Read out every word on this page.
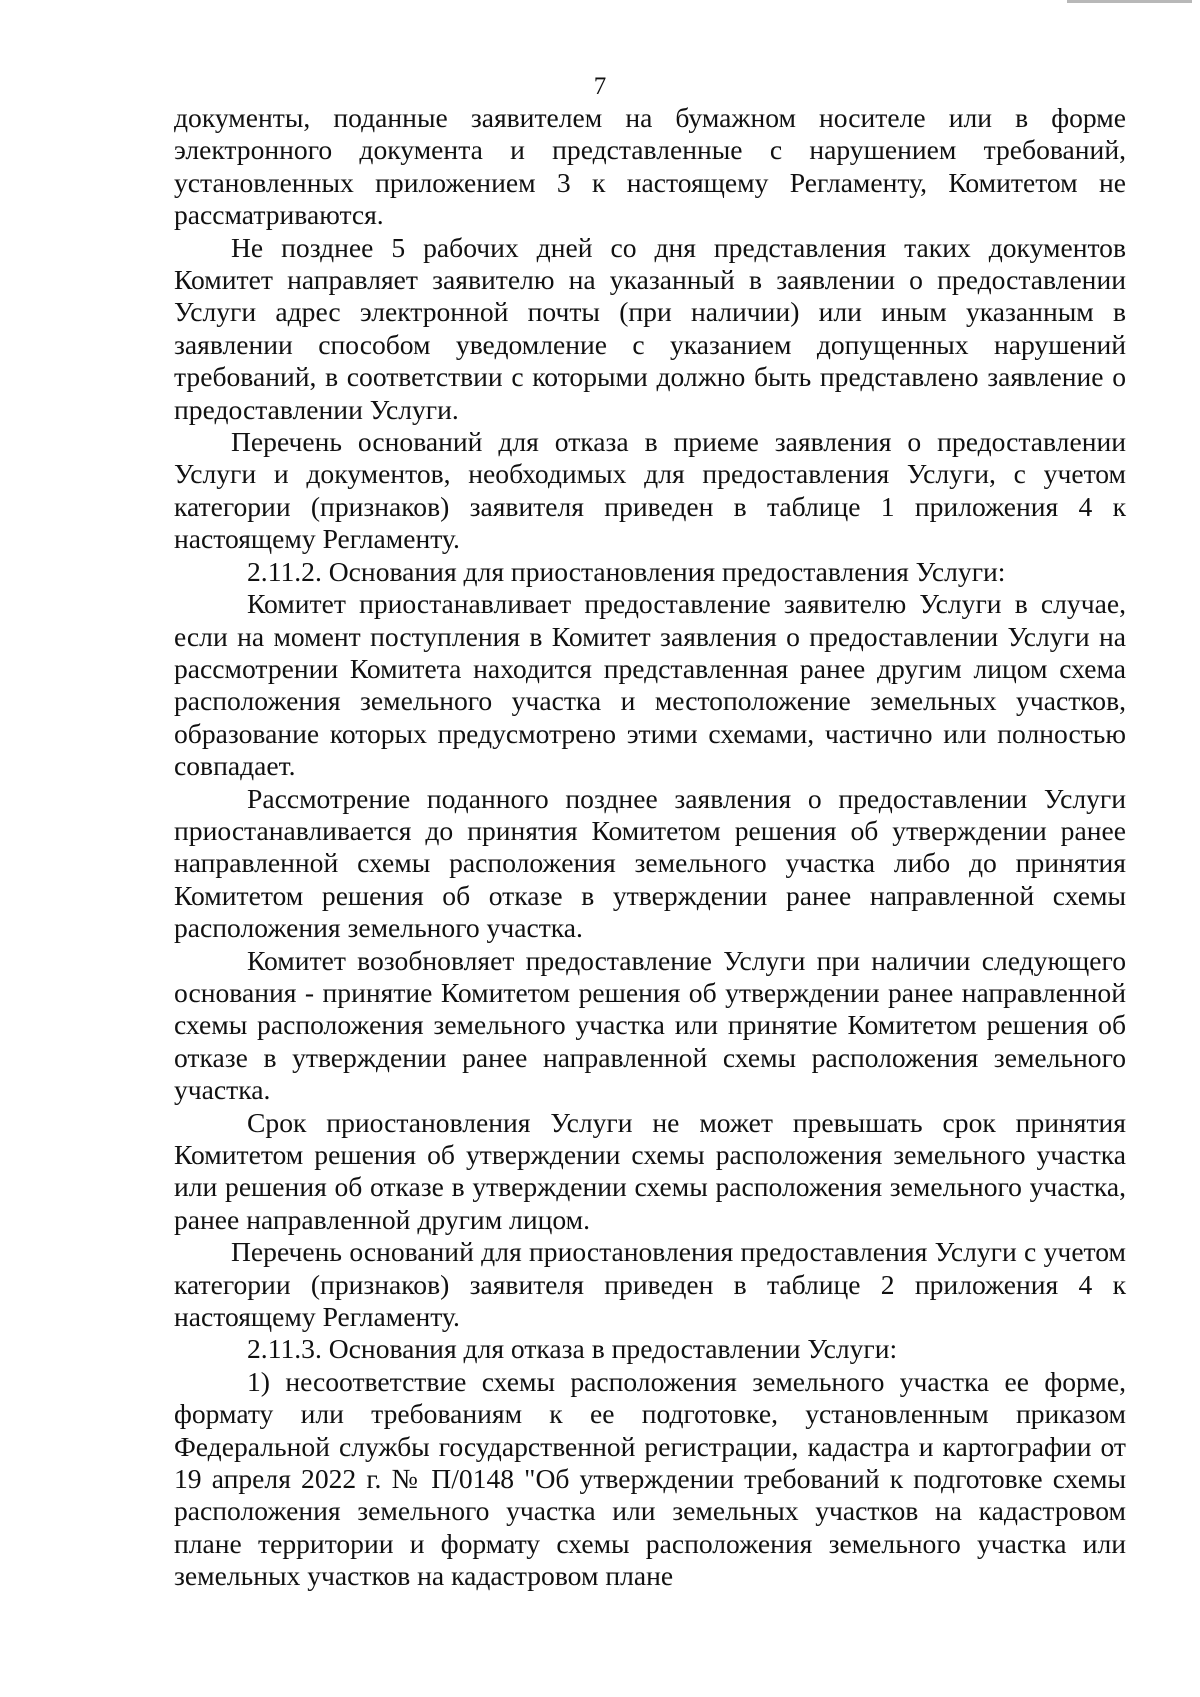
7

документы, поданные заявителем на бумажном носителе или в форме электронного документа и представленные с нарушением требований, установленных приложением 3 к настоящему Регламенту, Комитетом не рассматриваются.

Не позднее 5 рабочих дней со дня представления таких документов Комитет направляет заявителю на указанный в заявлении о предоставлении Услуги адрес электронной почты (при наличии) или иным указанным в заявлении способом уведомление с указанием допущенных нарушений требований, в соответствии с которыми должно быть представлено заявление о предоставлении Услуги.

Перечень оснований для отказа в приеме заявления о предоставлении Услуги и документов, необходимых для предоставления Услуги, с учетом категории (признаков) заявителя приведен в таблице 1 приложения 4 к настоящему Регламенту.

2.11.2. Основания для приостановления предоставления Услуги:

Комитет приостанавливает предоставление заявителю Услуги в случае, если на момент поступления в Комитет заявления о предоставлении Услуги на рассмотрении Комитета находится представленная ранее другим лицом схема расположения земельного участка и местоположение земельных участков, образование которых предусмотрено этими схемами, частично или полностью совпадает.

Рассмотрение поданного позднее заявления о предоставлении Услуги приостанавливается до принятия Комитетом решения об утверждении ранее направленной схемы расположения земельного участка либо до принятия Комитетом решения об отказе в утверждении ранее направленной схемы расположения земельного участка.

Комитет возобновляет предоставление Услуги при наличии следующего основания - принятие Комитетом решения об утверждении ранее направленной схемы расположения земельного участка или принятие Комитетом решения об отказе в утверждении ранее направленной схемы расположения земельного участка.

Срок приостановления Услуги не может превышать срок принятия Комитетом решения об утверждении схемы расположения земельного участка или решения об отказе в утверждении схемы расположения земельного участка, ранее направленной другим лицом.

Перечень оснований для приостановления предоставления Услуги с учетом категории (признаков) заявителя приведен в таблице 2 приложения 4 к настоящему Регламенту.

2.11.3. Основания для отказа в предоставлении Услуги:

1) несоответствие схемы расположения земельного участка ее форме, формату или требованиям к ее подготовке, установленным приказом Федеральной службы государственной регистрации, кадастра и картографии от 19 апреля 2022 г. № П/0148 "Об утверждении требований к подготовке схемы расположения земельного участка или земельных участков на кадастровом плане территории и формату схемы расположения земельного участка или земельных участков на кадастровом плане
